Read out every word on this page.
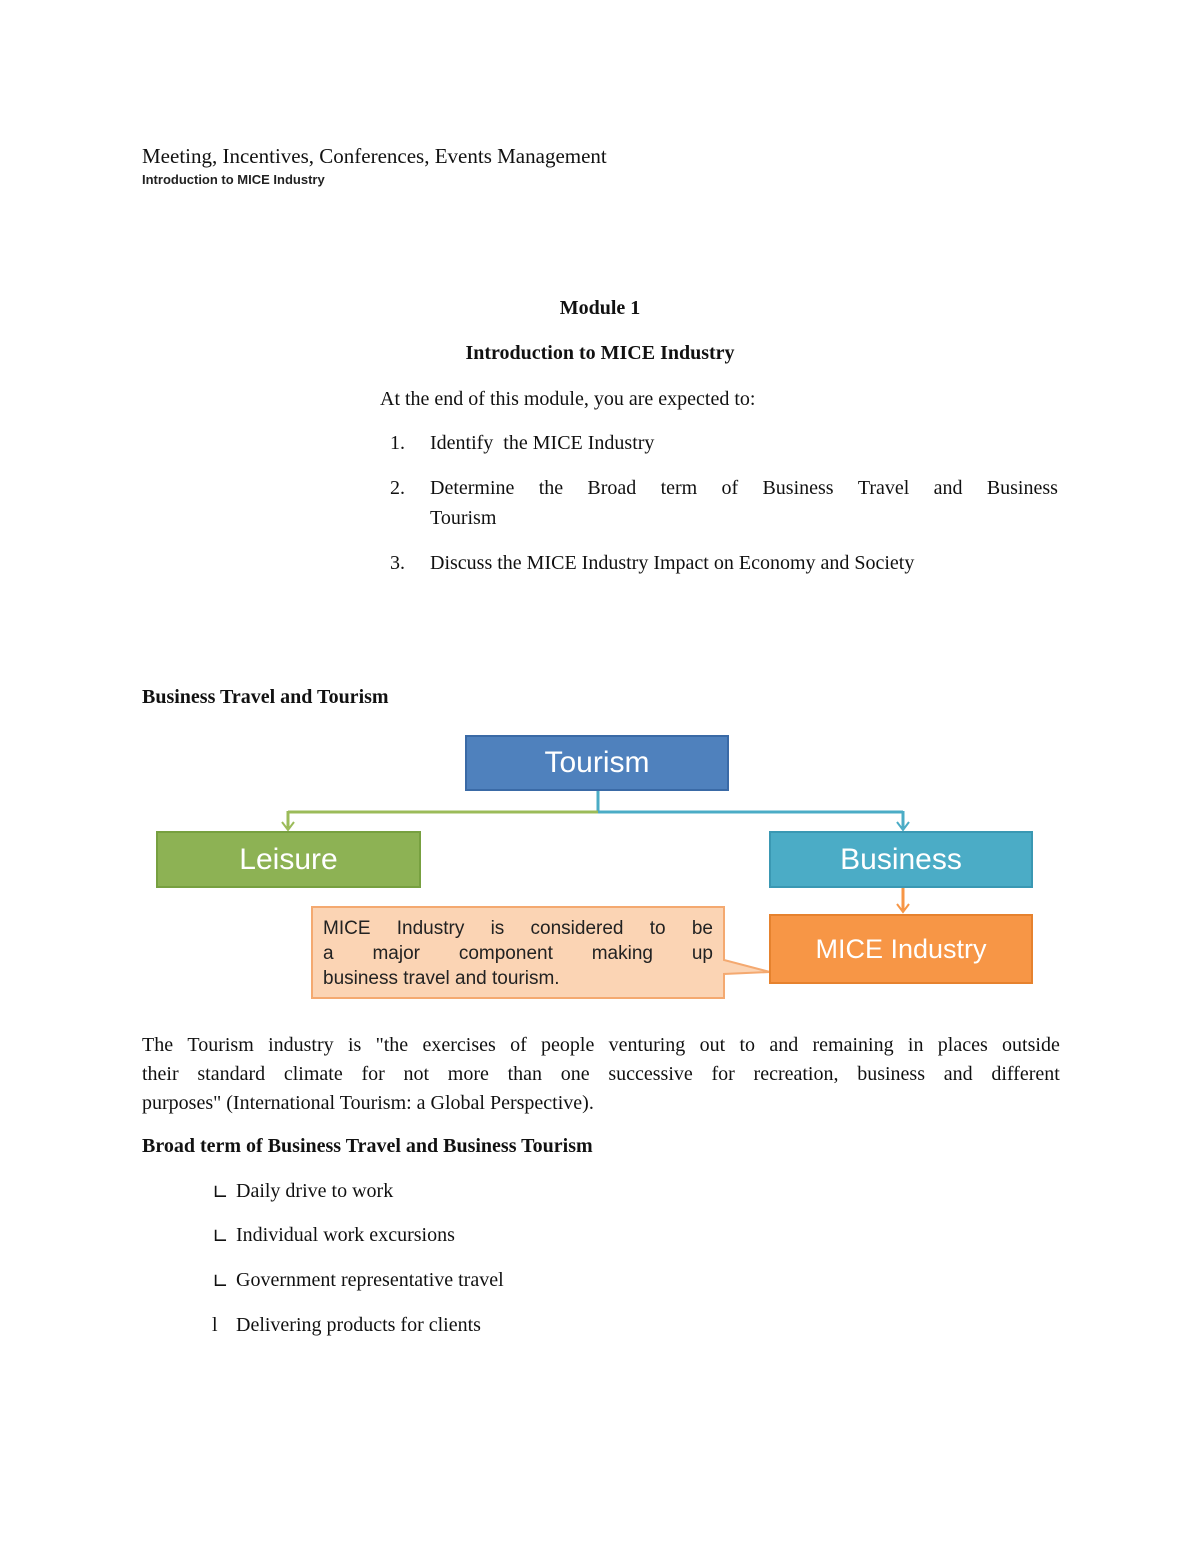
Meeting, Incentives, Conferences, Events Management
Introduction to MICE Industry
Module 1
Introduction to MICE Industry
At the end of this module, you are expected to:
1.	Identify  the MICE Industry
2.	Determine the Broad term of Business Travel and Business
Tourism
3.	Discuss the MICE Industry Impact on Economy and Society
Business Travel and Tourism
Tourism
Leisure	Business
MICE Industry
MICE Industry is considered to be
a major component making up
business travel and tourism.
The Tourism industry is "the exercises of people venturing out to and remaining in places outside
their standard climate for not more than one successive for recreation, business and different
purposes" (International Tourism: a Global Perspective).
Broad term of Business Travel and Business Tourism
∟ Daily drive to work
∟ Individual work excursions
∟ Government representative travel
l Delivering products for clients
